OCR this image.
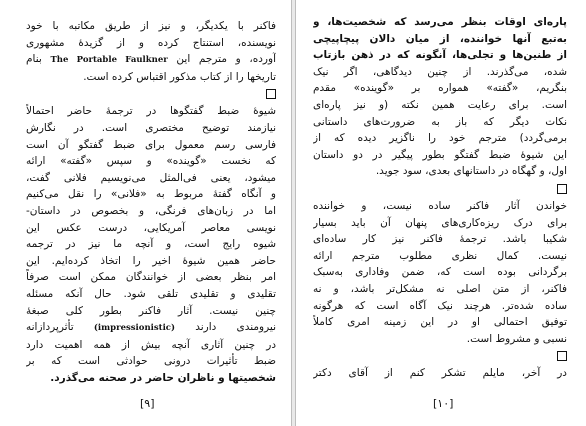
فاکنر با یکدیگر، و نیز از طریق مکاتبه با خود
نویسنده، استنتاج کرده و از گزیدهٔ مشهوری
آورده، و مترجم این The Portable Faulkner بنام
تاریخها را از کتاب مذکور اقتباس کرده است.
شیوهٔ ضبط گفتگوها در ترجمهٔ حاضر احتمالاً
نیازمند توضیح مختصری است. در نگارش
فارسی رسم معمول برای ضبط گفتگو آن است
که نخست «گوینده» و سپس «گفته» ارائه
میشود، یعنی فی‌المثل می‌نویسیم فلانی گفت،
و آنگاه گفتهٔ مربوط به «فلانی» را نقل می‌کنیم
اما در زبان‌های فرنگی، و بخصوص در داستان‌-
نویسی معاصر آمریکایی، درست عکس این
شیوه رایج است، و آنچه ما نیز در ترجمه
حاضر همین شیوهٔ اخیر را اتخاذ کرده‌ایم. این
امر بنظر بعضی از خوانندگان ممکن است صرفاً
تقلیدی و تقلیدی تلقی شود. حال آنکه مسئله
چنین نیست. آثار فاکنر بطور کلی صبغهٔ
نیرومندی دارند (impressionistic) تأثرپردازانه
در چنین آثاری آنچه بیش از همه اهمیت دارد
ضبط تأثیرات درونی حوادثی است که بر
شخصیتها و ناظران حاضر در صحنه می‌گذرد.
[۹]
پاره‌ای اوقات بنظر می‌رسد که شخصیت‌ها، و
به‌تبع آنها خواننده، از میان دالان پیچاپیچی
از طنین‌ها و تجلی‌ها، آنگونه که در ذهن بازتاب
شده، می‌گذرند. از چنین دیدگاهی، اگر نیک
بنگریم، «گفته» همواره بر «گوینده» مقدم
است. برای رعایت همین نکته (و نیز پاره‌ای
نکات دیگر که باز به ضرورت‌های داستانی
برمی‌گردد) مترجم خود را ناگزیر دیده که از
این شیوهٔ ضبط گفتگو بطور پیگیر در دو داستان
اول، و گهگاه در داستانهای بعدی، سود جوید.
خواندن آثار فاکنر ساده نیست، و خواننده
برای درک ریزه‌کاری‌های پنهان آن باید بسیار
شکیبا باشد. ترجمهٔ فاکنر نیز کار ساده‌ای
نیست. کمال نظری مطلوب مترجم ارائه
برگردانی بوده است که، ضمن وفاداری به‌سبک
فاکنر، از متن اصلی نه مشکل‌تر باشد، و نه
ساده شده‌تر. هرچند نیک آگاه است که هرگونه
توفیق احتمالی او در این زمینه امری کاملاً
نسبی و مشروط است.
در آخر، مایلم تشکر کنم از آقای دکتر
[۱۰]
